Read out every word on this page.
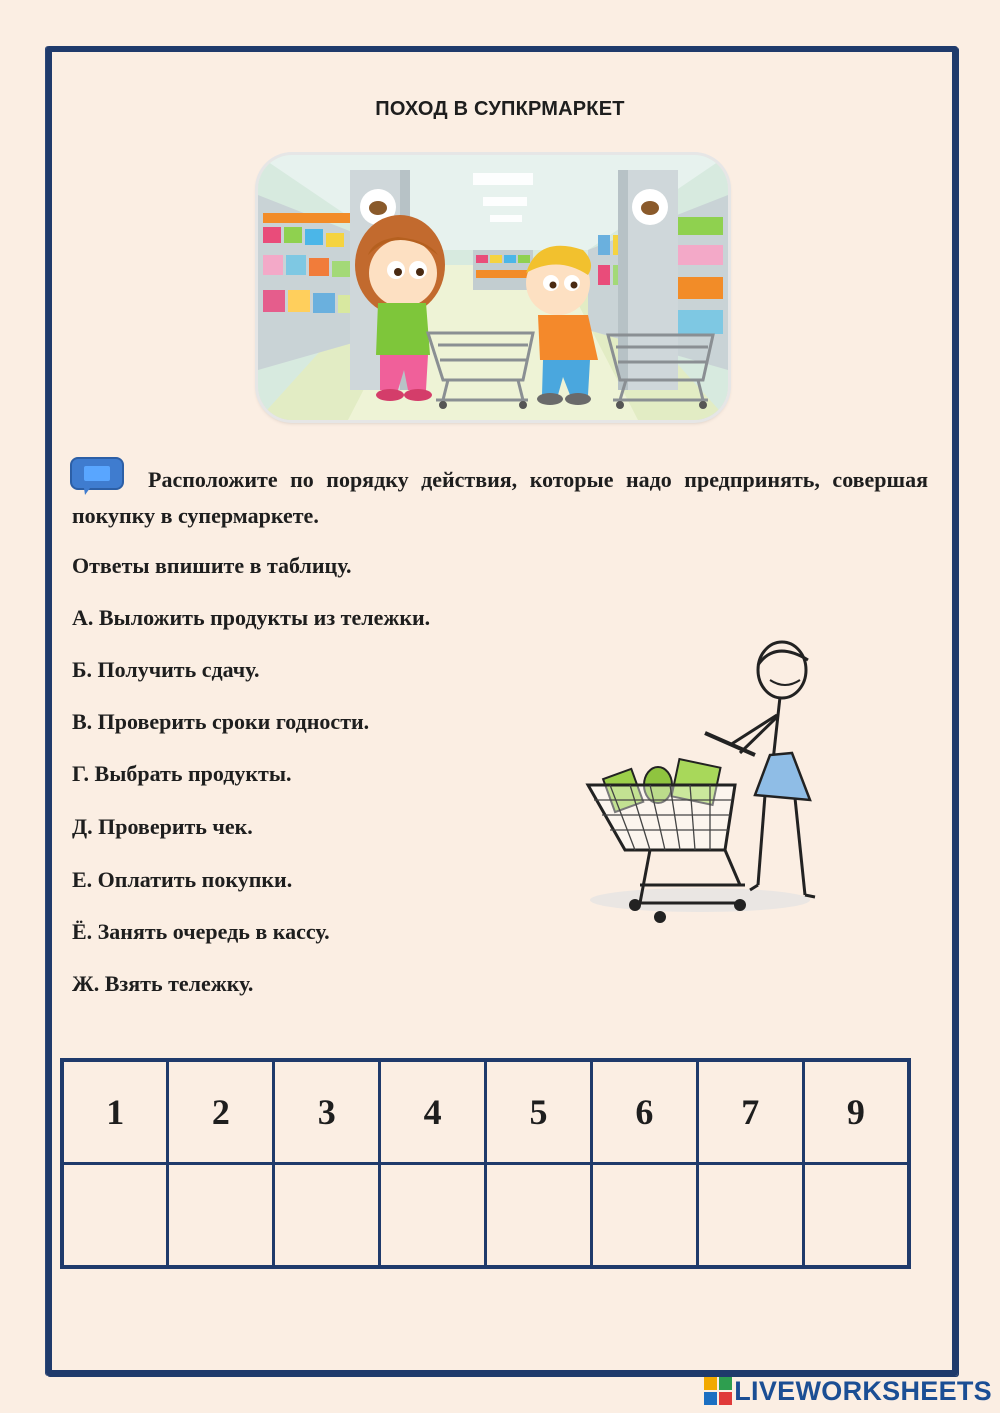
ПОХОД В СУПКРМАРКЕТ
Расположите по порядку действия, которые надо предпринять, совершая покупку в супермаркете.
Ответы впишите в таблицу.
А. Выложить продукты из тележки.
Б. Получить сдачу.
В. Проверить сроки годности.
Г. Выбрать продукты.
Д. Проверить чек.
Е. Оплатить покупки.
Ё. Занять очередь в кассу.
Ж. Взять тележку.
1	2	3	4	5	6	7	9

LIVEWORKSHEETS
